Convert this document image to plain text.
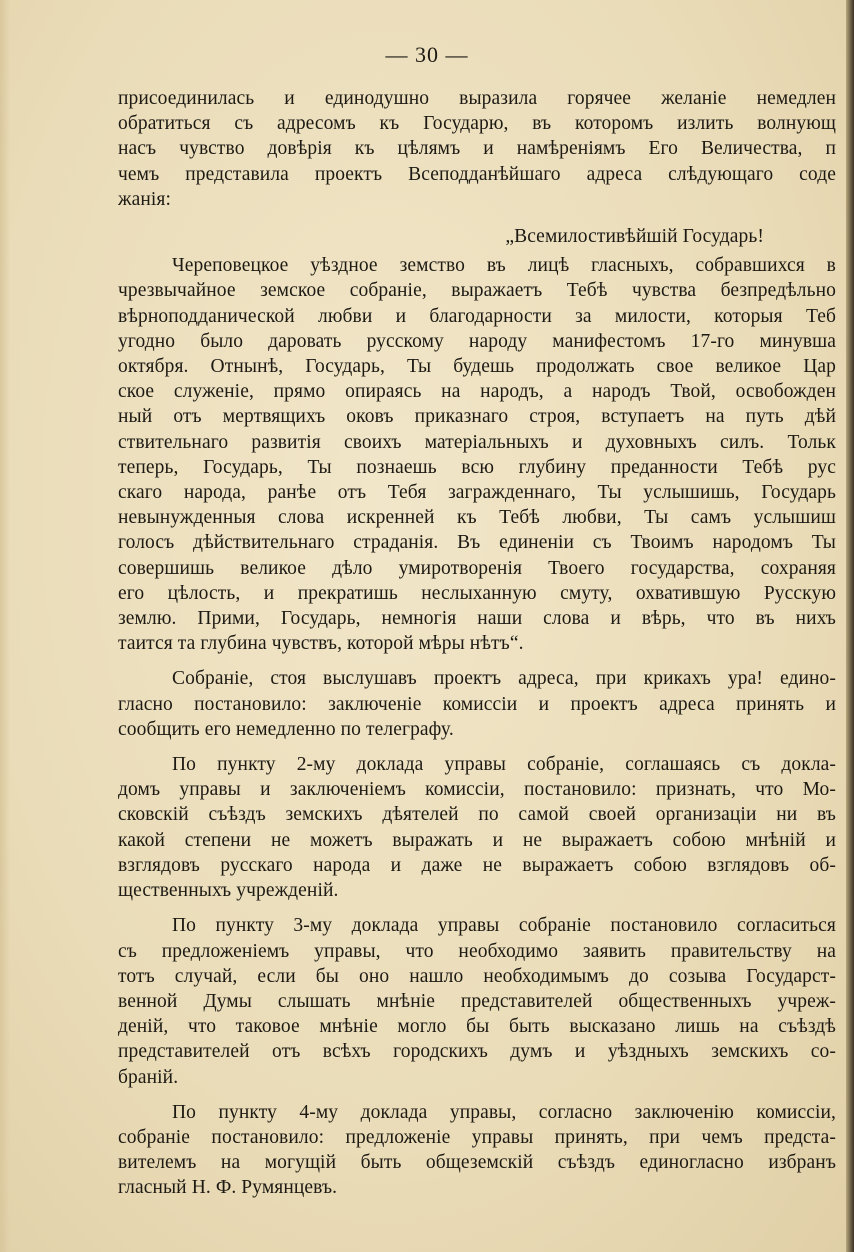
— 30 —
присоединилась и единодушно выразила горячее желаніе немедлен
обратиться съ адресомъ къ Государю, въ которомъ излить волнующ
насъ чувство довѣрія къ цѣлямъ и намѣреніямъ Его Величества, п
чемъ представила проектъ Всеподданѣйшаго адреса слѣдующаго соде
жанія:
„Всемилостивѣйшій Государь!
Череповецкое уѣздное земство въ лицѣ гласныхъ, собравшихся в
чрезвычайное земское собраніе, выражаетъ Тебѣ чувства безпредѣльно
вѣрноподданической любви и благодарности за милости, которыя Теб
угодно было даровать русскому народу манифестомъ 17-го минувша
октября. Отнынѣ, Государь, Ты будешь продолжать свое великое Цар
ское служеніе, прямо опираясь на народъ, а народъ Твой, освобожден
ный отъ мертвящихъ оковъ приказнаго строя, вступаетъ на путь дѣй
ствительнаго развитія своихъ матеріальныхъ и духовныхъ силъ. Тольк
теперь, Государь, Ты познаешь всю глубину преданности Тебѣ рус
скаго народа, ранѣе отъ Тебя загражденнаго, Ты услышишь, Государь
невынужденныя слова искренней къ Тебѣ любви, Ты самъ услышиш
голосъ дѣйствительнаго страданія. Въ единеніи съ Твоимъ народомъ Ты
совершишь великое дѣло умиротворенія Твоего государства, сохраняя
его цѣлость, и прекратишь неслыханную смуту, охватившую Русскую
землю. Прими, Государь, немногія наши слова и вѣрь, что въ нихъ
таится та глубина чувствъ, которой мѣры нѣтъ“.
Собраніе, стоя выслушавъ проектъ адреса, при крикахъ ура! едино-
гласно постановило: заключеніе комиссіи и проектъ адреса принять и
сообщить его немедленно по телеграфу.
По пункту 2-му доклада управы собраніе, соглашаясь съ докла-
домъ управы и заключеніемъ комиссіи, постановило: признать, что Мо-
сковскій съѣздъ земскихъ дѣятелей по самой своей организаціи ни въ
какой степени не можетъ выражать и не выражаетъ собою мнѣній и
взглядовъ русскаго народа и даже не выражаетъ собою взглядовъ об-
щественныхъ учрежденій.
По пункту 3-му доклада управы собраніе постановило согласиться
съ предложеніемъ управы, что необходимо заявить правительству на
тотъ случай, если бы оно нашло необходимымъ до созыва Государст-
венной Думы слышать мнѣніе представителей общественныхъ учреж-
деній, что таковое мнѣніе могло бы быть высказано лишь на съѣздѣ
представителей отъ всѣхъ городскихъ думъ и уѣздныхъ земскихъ со-
браній.
По пункту 4-му доклада управы, согласно заключенію комиссіи,
собраніе постановило: предложеніе управы принять, при чемъ предста-
вителемъ на могущій быть общеземскій съѣздъ единогласно избранъ
гласный Н. Ф. Румянцевъ.
